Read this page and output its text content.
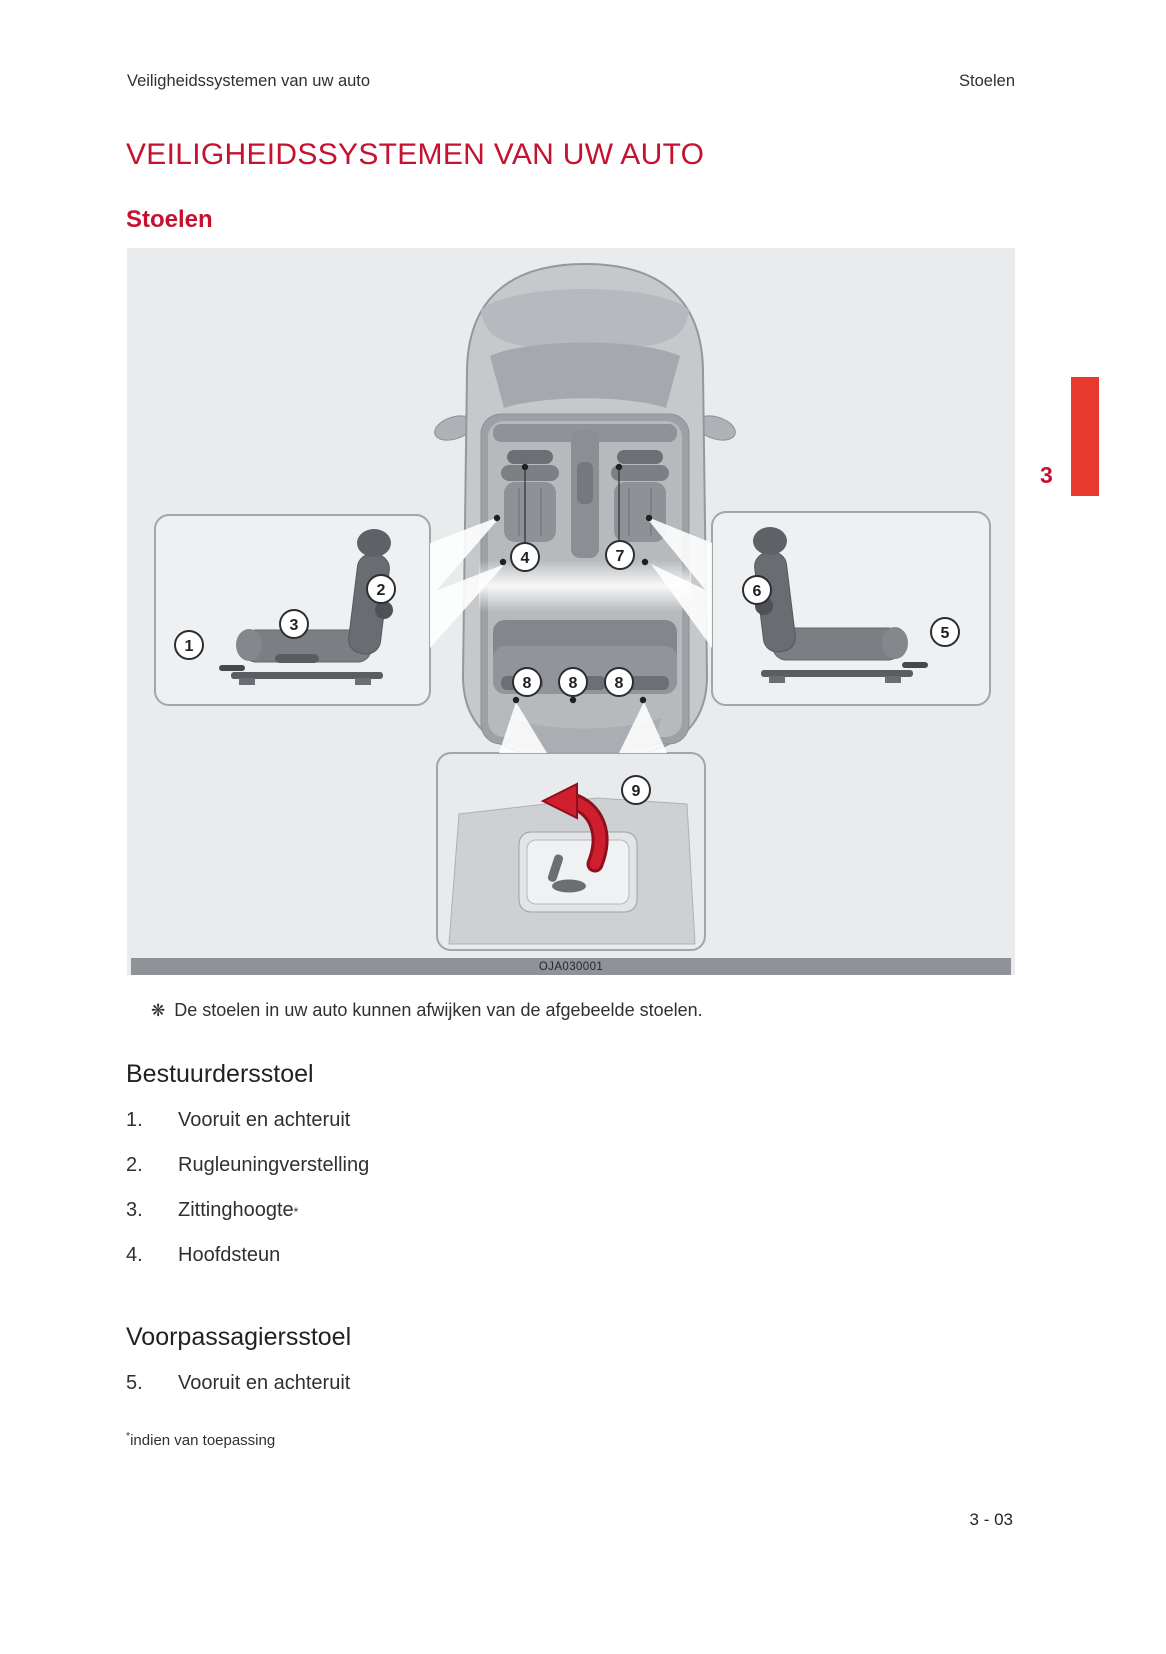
Veiligheidssystemen van uw auto	Stoelen
VEILIGHEIDSSYSTEMEN VAN UW AUTO
Stoelen
3
1
2
3
4
5
6
7
8 8 8
9
OJA030001
❋ De stoelen in uw auto kunnen afwijken van de afgebeelde stoelen.
Bestuurdersstoel
1.	Vooruit en achteruit
2.	Rugleuningverstelling
3.	Zittinghoogte *
4.	Hoofdsteun
Voorpassagiersstoel
5.	Vooruit en achteruit
*indien van toepassing
3 - 03
